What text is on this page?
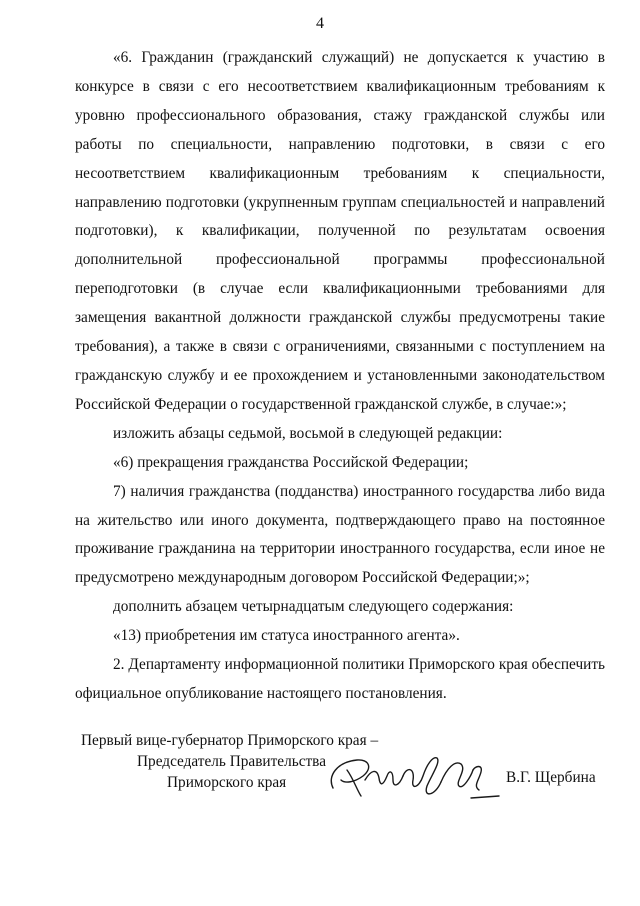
4

«6. Гражданин (гражданский служащий) не допускается к участию в конкурсе в связи с его несоответствием квалификационным требованиям к уровню профессионального образования, стажу гражданской службы или работы по специальности, направлению подготовки, в связи с его несоответствием квалификационным требованиям к специальности, направлению подготовки (укрупненным группам специальностей и направлений подготовки), к квалификации, полученной по результатам освоения дополнительной профессиональной программы профессиональной переподготовки (в случае если квалификационными требованиями для замещения вакантной должности гражданской службы предусмотрены такие требования), а также в связи с ограничениями, связанными с поступлением на гражданскую службу и ее прохождением и установленными законодательством Российской Федерации о государственной гражданской службе, в случае:»;

изложить абзацы седьмой, восьмой в следующей редакции:

«6) прекращения гражданства Российской Федерации;

7) наличия гражданства (подданства) иностранного государства либо вида на жительство или иного документа, подтверждающего право на постоянное проживание гражданина на территории иностранного государства, если иное не предусмотрено международным договором Российской Федерации;»;

дополнить абзацем четырнадцатым следующего содержания:

«13) приобретения им статуса иностранного агента».

2. Департаменту информационной политики Приморского края обеспечить официальное опубликование настоящего постановления.

Первый вице-губернатор Приморского края –
Председатель Правительства
Приморского края	В.Г. Щербина
